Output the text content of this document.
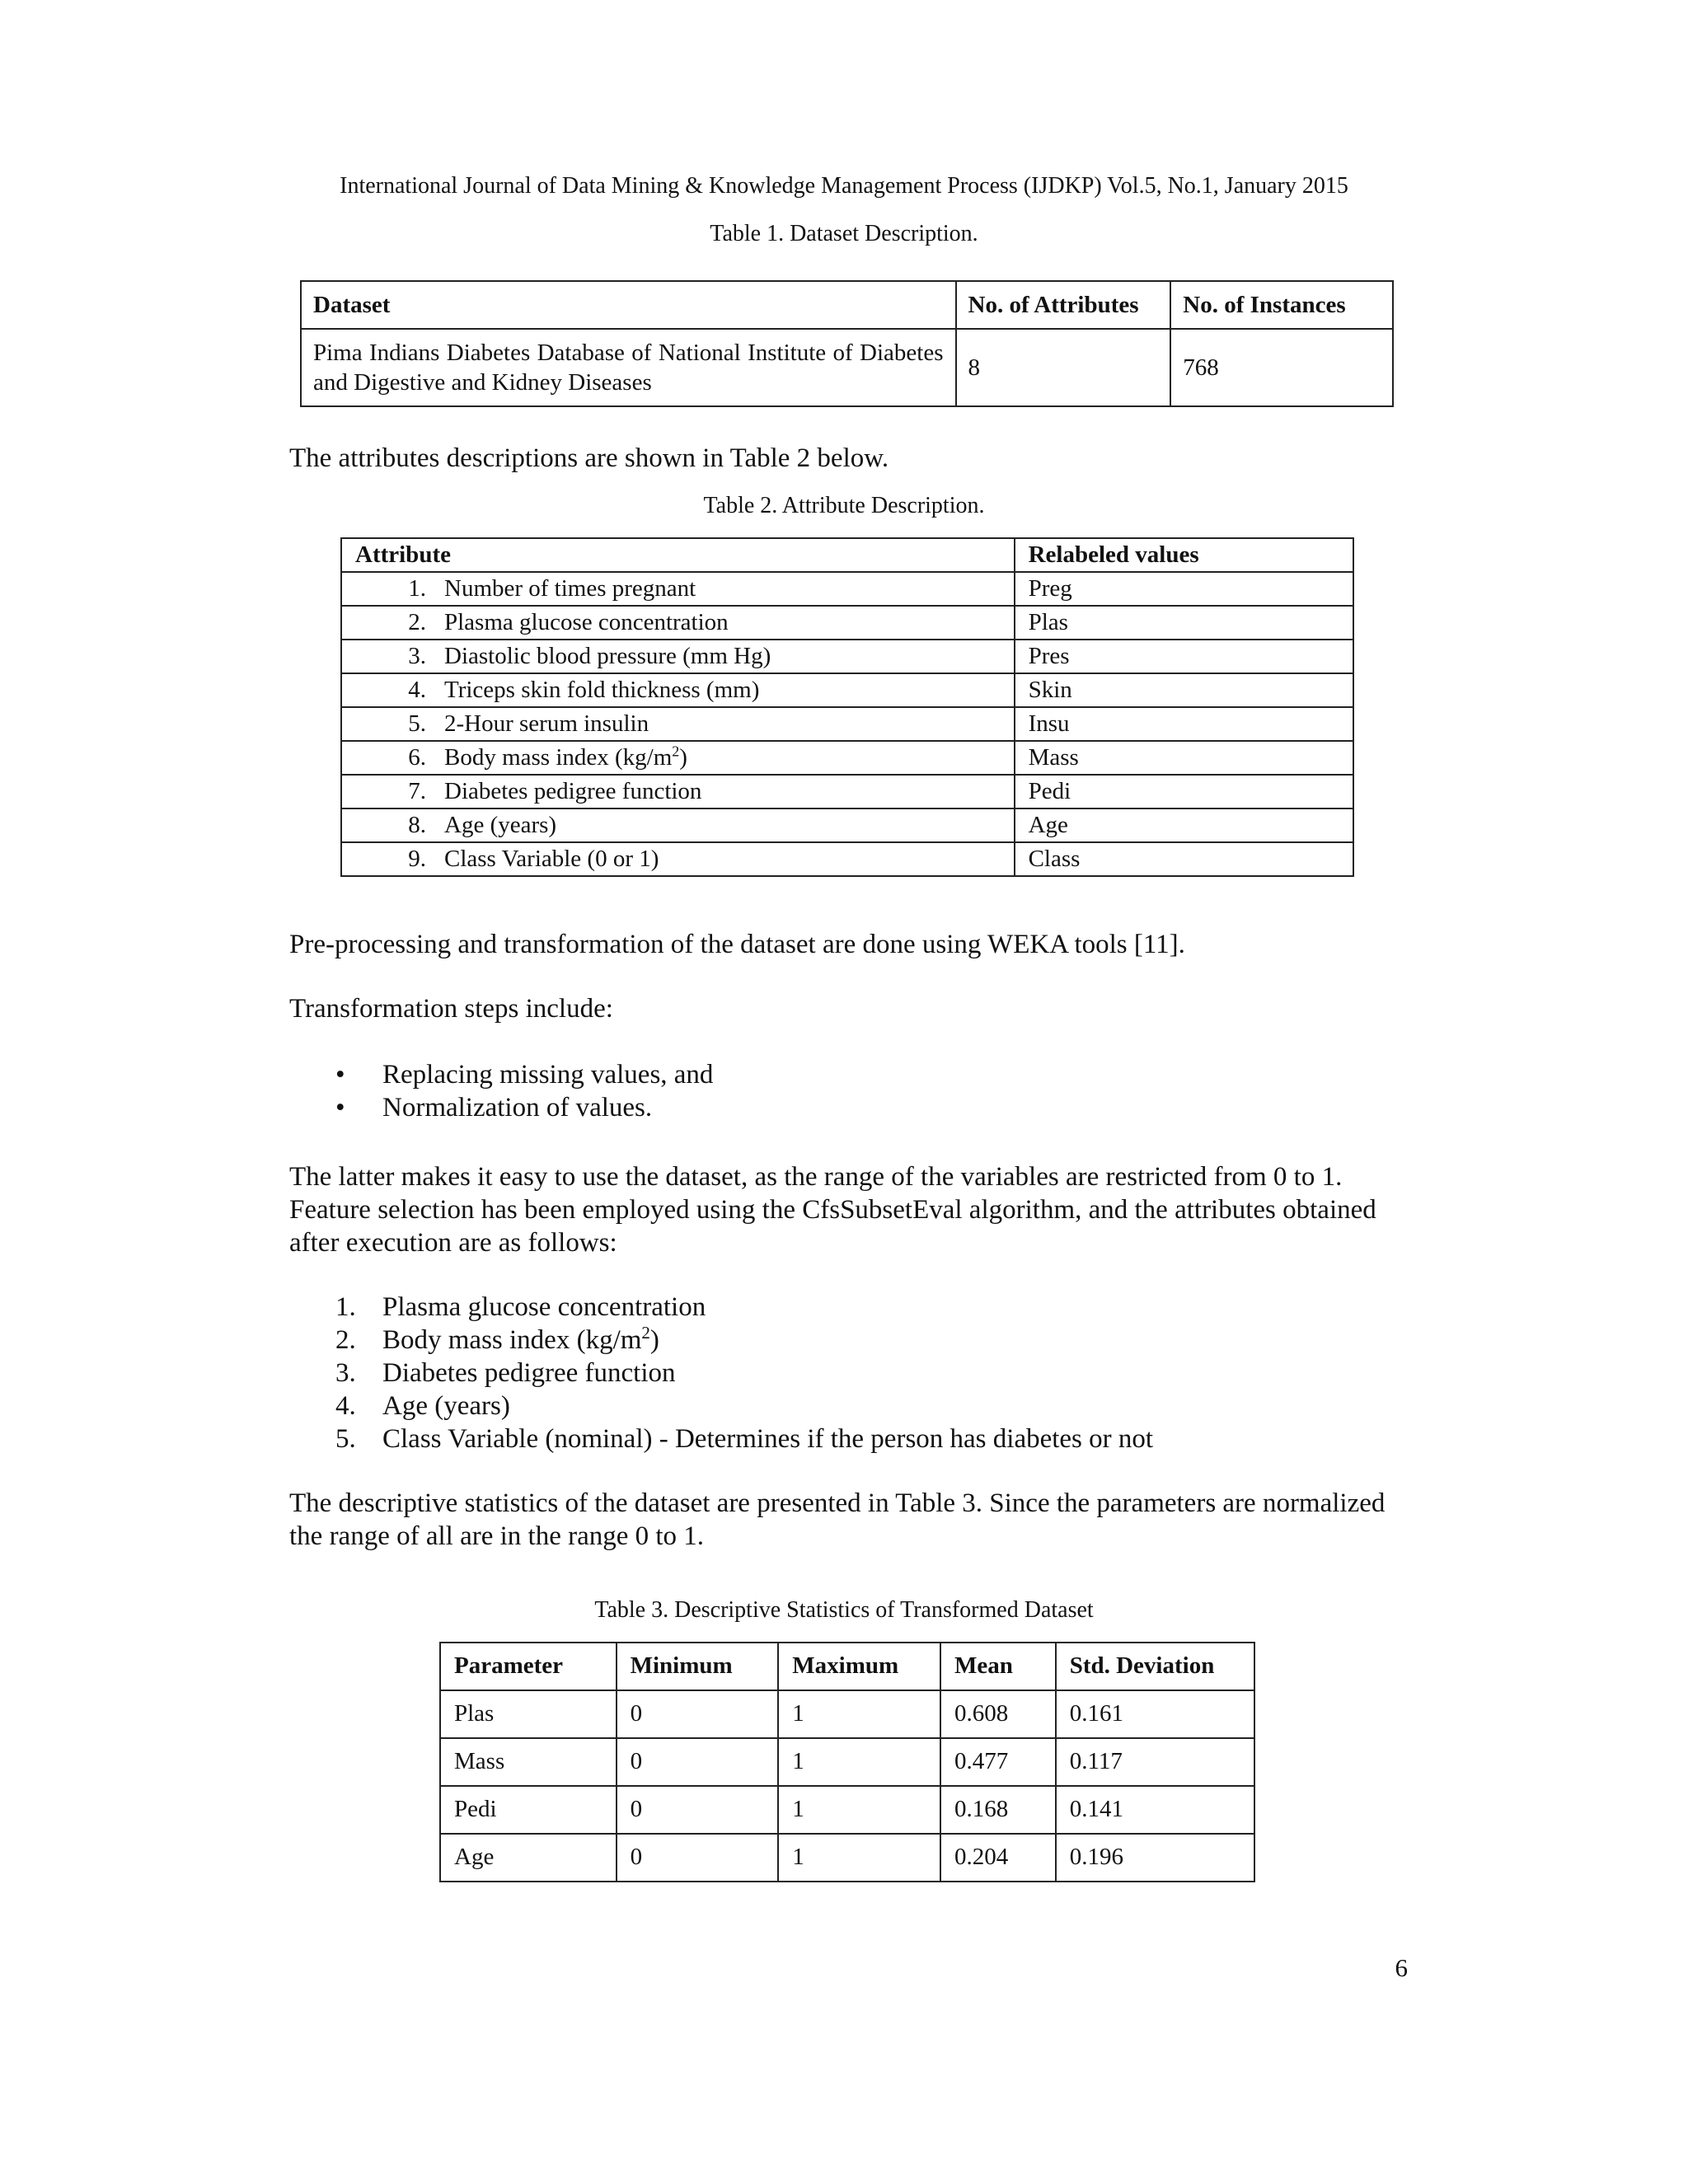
International Journal of Data Mining & Knowledge Management Process (IJDKP) Vol.5, No.1, January 2015
Table 1. Dataset Description.
Dataset	No. of Attributes	No. of Instances
Pima Indians Diabetes Database of National Institute of Diabetes and Digestive and Kidney Diseases	8	768
The attributes descriptions are shown in Table 2 below.
Table 2. Attribute Description.
Attribute	Relabeled values
1. Number of times pregnant	Preg
2. Plasma glucose concentration	Plas
3. Diastolic blood pressure (mm Hg)	Pres
4. Triceps skin fold thickness (mm)	Skin
5. 2-Hour serum insulin	Insu
6. Body mass index $(kg/m^2)$	Mass
7. Diabetes pedigree function	Pedi
8. Age (years)	Age
9. Class Variable (0 or 1)	Class
Pre-processing and transformation of the dataset are done using WEKA tools [11].
Transformation steps include:
• Replacing missing values, and
• Normalization of values.
The latter makes it easy to use the dataset, as the range of the variables are restricted from 0 to 1. Feature selection has been employed using the CfsSubsetEval algorithm, and the attributes obtained after execution are as follows:
1. Plasma glucose concentration
2. Body mass index $(kg/m^2)$
3. Diabetes pedigree function
4. Age (years)
5. Class Variable (nominal) - Determines if the person has diabetes or not
The descriptive statistics of the dataset are presented in Table 3. Since the parameters are normalized the range of all are in the range 0 to 1.
Table 3. Descriptive Statistics of Transformed Dataset
Parameter	Minimum	Maximum	Mean	Std. Deviation
Plas	0	1	0.608	0.161
Mass	0	1	0.477	0.117
Pedi	0	1	0.168	0.141
Age	0	1	0.204	0.196
6
